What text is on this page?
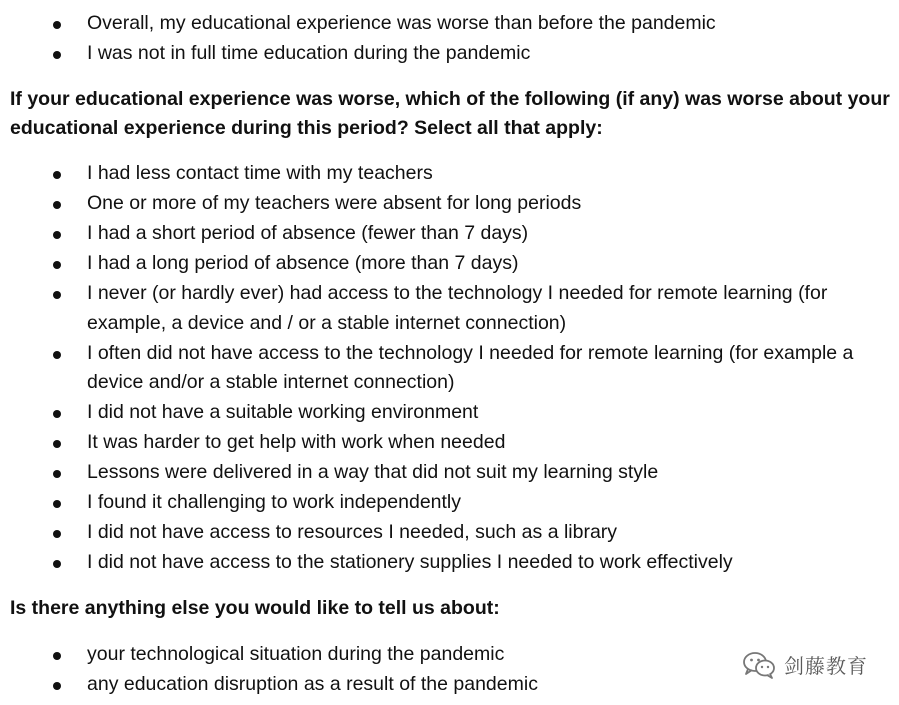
Overall, my educational experience was worse than before the pandemic
I was not in full time education during the pandemic

If your educational experience was worse, which of the following (if any) was worse about your educational experience during this period? Select all that apply:

I had less contact time with my teachers
One or more of my teachers were absent for long periods
I had a short period of absence (fewer than 7 days)
I had a long period of absence (more than 7 days)
I never (or hardly ever) had access to the technology I needed for remote learning (for example, a device and / or a stable internet connection)
I often did not have access to the technology I needed for remote learning (for example a device and/or a stable internet connection)
I did not have a suitable working environment
It was harder to get help with work when needed
Lessons were delivered in a way that did not suit my learning style
I found it challenging to work independently
I did not have access to resources I needed, such as a library
I did not have access to the stationery supplies I needed to work effectively

Is there anything else you would like to tell us about:

your technological situation during the pandemic
any education disruption as a result of the pandemic
剑藤教育
